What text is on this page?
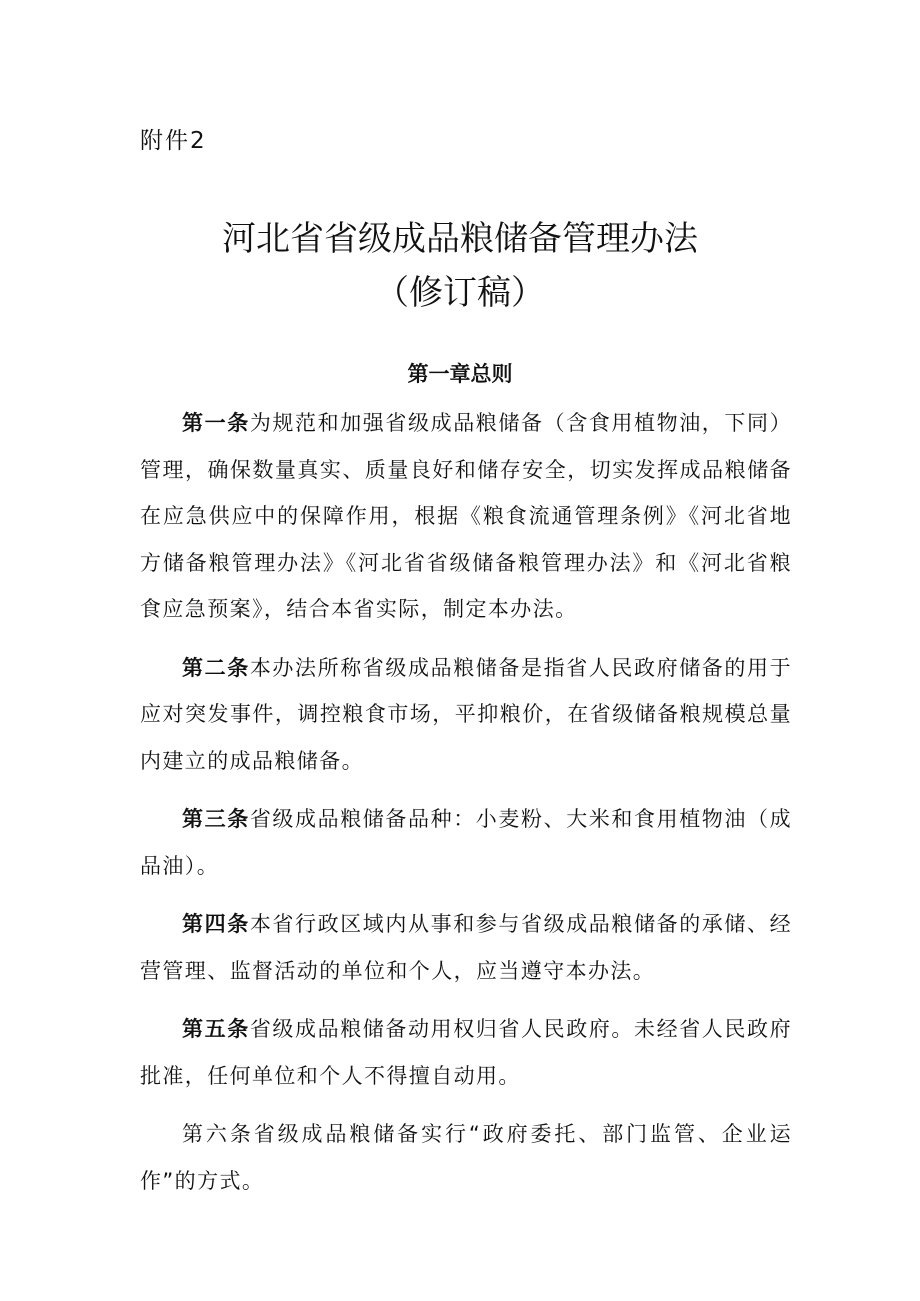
附件2

河北省省级成品粮储备管理办法
（修订稿）
第一章总则

第一条为规范和加强省级成品粮储备（含食用植物油，下同）管理，确保数量真实、质量良好和储存安全，切实发挥成品粮储备在应急供应中的保障作用，根据《粮食流通管理条例》《河北省地方储备粮管理办法》《河北省省级储备粮管理办法》和《河北省粮食应急预案》，结合本省实际，制定本办法。

第二条本办法所称省级成品粮储备是指省人民政府储备的用于应对突发事件，调控粮食市场，平抑粮价，在省级储备粮规模总量内建立的成品粮储备。

第三条省级成品粮储备品种：小麦粉、大米和食用植物油（成品油）。

第四条本省行政区域内从事和参与省级成品粮储备的承储、经营管理、监督活动的单位和个人，应当遵守本办法。

第五条省级成品粮储备动用权归省人民政府。未经省人民政府批准，任何单位和个人不得擅自动用。

第六条省级成品粮储备实行“政府委托、部门监管、企业运作”的方式。
